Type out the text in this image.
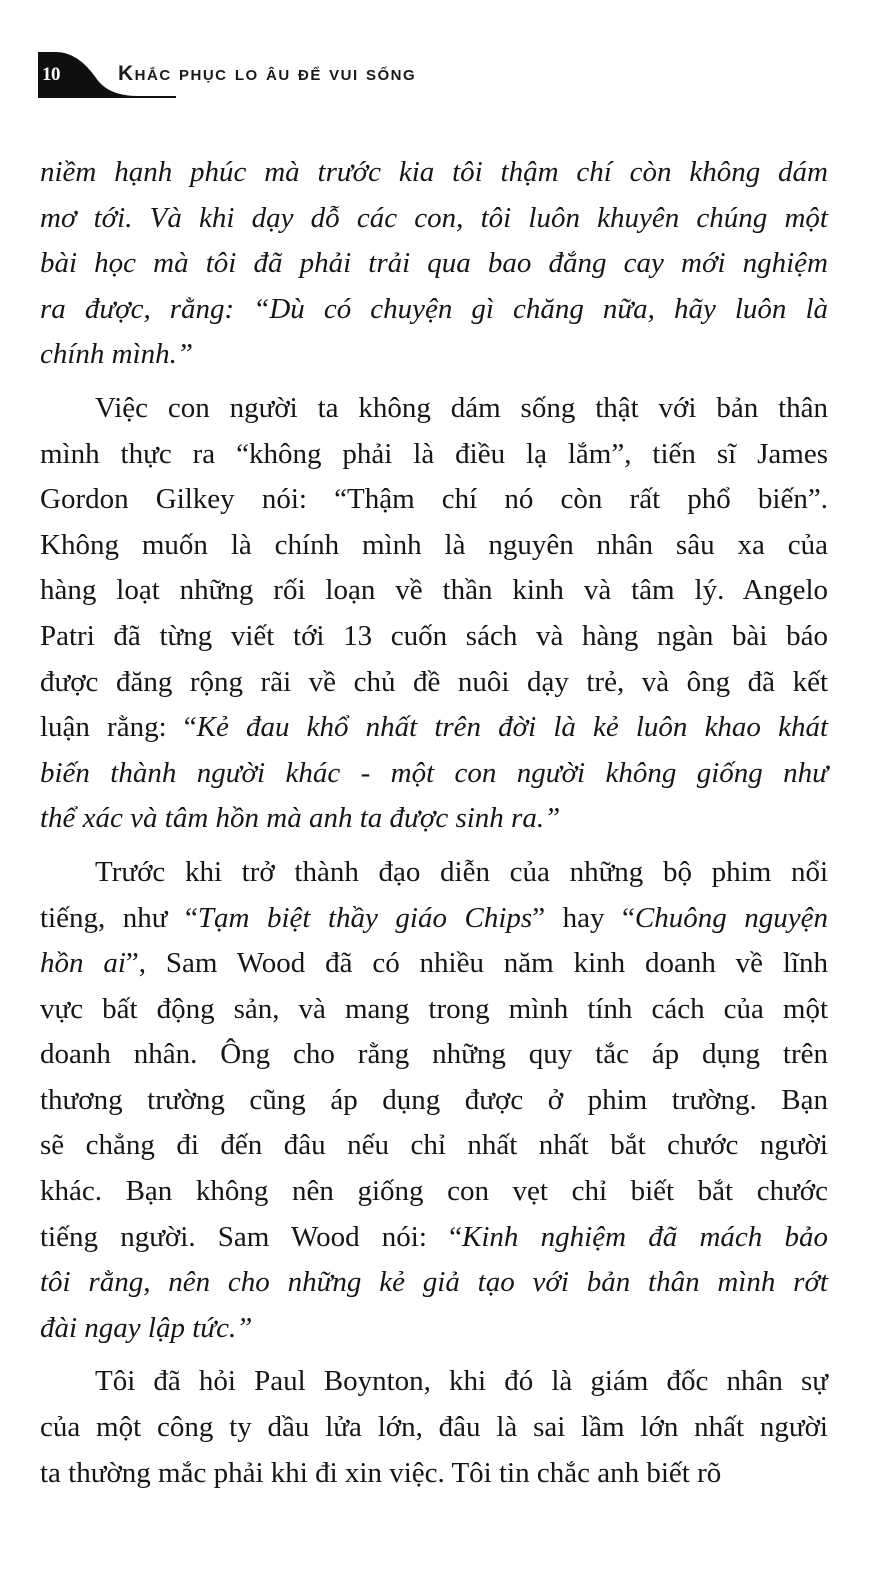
10	Khắc phục lo âu để vui sống
niềm hạnh phúc mà trước kia tôi thậm chí còn không dám
mơ tới. Và khi dạy dỗ các con, tôi luôn khuyên chúng một
bài học mà tôi đã phải trải qua bao đắng cay mới nghiệm
ra được, rằng: “Dù có chuyện gì chăng nữa, hãy luôn là
chính mình.”
Việc con người ta không dám sống thật với bản thân
mình thực ra “không phải là điều lạ lắm”, tiến sĩ James
Gordon Gilkey nói: “Thậm chí nó còn rất phổ biến”.
Không muốn là chính mình là nguyên nhân sâu xa của
hàng loạt những rối loạn về thần kinh và tâm lý. Angelo
Patri đã từng viết tới 13 cuốn sách và hàng ngàn bài báo
được đăng rộng rãi về chủ đề nuôi dạy trẻ, và ông đã kết
luận rằng: “Kẻ đau khổ nhất trên đời là kẻ luôn khao khát
biến thành người khác - một con người không giống như
thể xác và tâm hồn mà anh ta được sinh ra.”
Trước khi trở thành đạo diễn của những bộ phim nổi
tiếng, như “Tạm biệt thầy giáo Chips” hay “Chuông nguyện
hồn ai”, Sam Wood đã có nhiều năm kinh doanh về lĩnh
vực bất động sản, và mang trong mình tính cách của một
doanh nhân. Ông cho rằng những quy tắc áp dụng trên
thương trường cũng áp dụng được ở phim trường. Bạn
sẽ chẳng đi đến đâu nếu chỉ nhất nhất bắt chước người
khác. Bạn không nên giống con vẹt chỉ biết bắt chước
tiếng người. Sam Wood nói: “Kinh nghiệm đã mách bảo
tôi rằng, nên cho những kẻ giả tạo với bản thân mình rớt
đài ngay lập tức.”
Tôi đã hỏi Paul Boynton, khi đó là giám đốc nhân sự
của một công ty dầu lửa lớn, đâu là sai lầm lớn nhất người
ta thường mắc phải khi đi xin việc. Tôi tin chắc anh biết rõ
